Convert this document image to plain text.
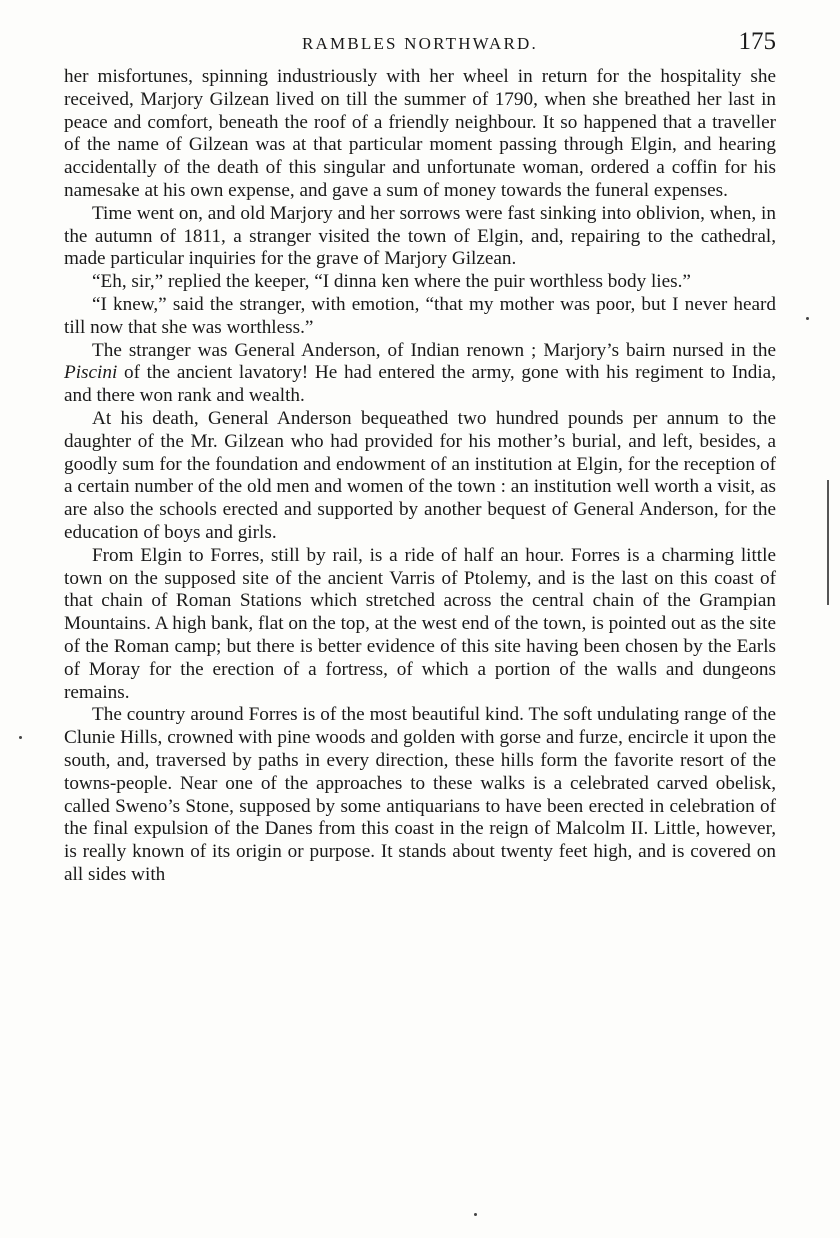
RAMBLES NORTHWARD.	175

her misfortunes, spinning industriously with her wheel in return for the hospitality she received, Marjory Gilzean lived on till the summer of 1790, when she breathed her last in peace and comfort, beneath the roof of a friendly neighbour. It so happened that a traveller of the name of Gilzean was at that particular moment passing through Elgin, and hearing accidentally of the death of this singular and unfortunate woman, ordered a coffin for his namesake at his own expense, and gave a sum of money towards the funeral expenses.

Time went on, and old Marjory and her sorrows were fast sinking into oblivion, when, in the autumn of 1811, a stranger visited the town of Elgin, and, repairing to the cathedral, made particular inquiries for the grave of Marjory Gilzean.

“Eh, sir,” replied the keeper, “I dinna ken where the puir worthless body lies.”

“I knew,” said the stranger, with emotion, “that my mother was poor, but I never heard till now that she was worthless.”

The stranger was General Anderson, of Indian renown ; Marjory’s bairn nursed in the Piscini of the ancient lavatory! He had entered the army, gone with his regiment to India, and there won rank and wealth.

At his death, General Anderson bequeathed two hundred pounds per annum to the daughter of the Mr. Gilzean who had provided for his mother’s burial, and left, besides, a goodly sum for the foundation and endowment of an institution at Elgin, for the reception of a certain number of the old men and women of the town : an institution well worth a visit, as are also the schools erected and supported by another bequest of General Anderson, for the education of boys and girls.

From Elgin to Forres, still by rail, is a ride of half an hour. Forres is a charming little town on the supposed site of the ancient Varris of Ptolemy, and is the last on this coast of that chain of Roman Stations which stretched across the central chain of the Grampian Mountains. A high bank, flat on the top, at the west end of the town, is pointed out as the site of the Roman camp; but there is better evidence of this site having been chosen by the Earls of Moray for the erection of a fortress, of which a portion of the walls and dungeons remains.

The country around Forres is of the most beautiful kind. The soft undulating range of the Clunie Hills, crowned with pine woods and golden with gorse and furze, encircle it upon the south, and, traversed by paths in every direction, these hills form the favorite resort of the towns-people. Near one of the approaches to these walks is a celebrated carved obelisk, called Sweno’s Stone, supposed by some antiquarians to have been erected in celebration of the final expulsion of the Danes from this coast in the reign of Malcolm II. Little, however, is really known of its origin or purpose. It stands about twenty feet high, and is covered on all sides with
